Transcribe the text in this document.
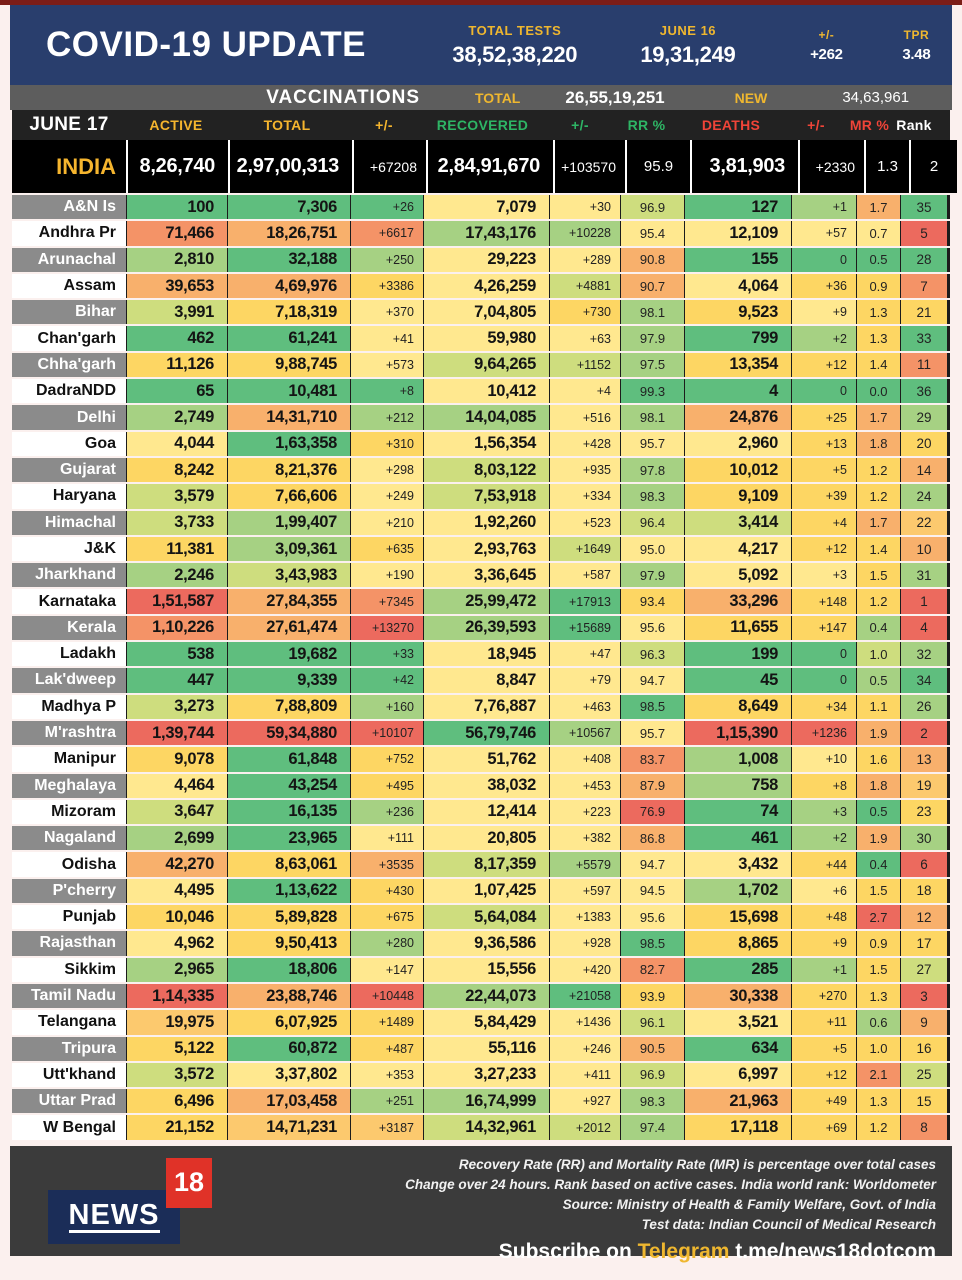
COVID-19 UPDATE	TOTAL TESTS
38,52,38,220
JUNE 16
19,31,249
+/-
+262
TPR
3.48
VACCINATIONS	TOTAL	26,55,19,251	NEW	34,63,961
JUNE 17	ACTIVE	TOTAL	+/-	RECOVERED	+/-	RR %	DEATHS	+/-	MR % Rank
INDIA	8,26,740	2,97,00,313	+67208	2,84,91,670	+103570	95.9	3,81,903	+2330	1.3	2
A&N Is	100	7,306	+26	7,079	+30	96.9	127	+1	1.7	35
Andhra Pr	71,466	18,26,751	+6617	17,43,176	+10228	95.4	12,109	+57	0.7	5
Arunachal	2,810	32,188	+250	29,223	+289	90.8	155	0	0.5	28
Assam	39,653	4,69,976	+3386	4,26,259	+4881	90.7	4,064	+36	0.9	7
Bihar	3,991	7,18,319	+370	7,04,805	+730	98.1	9,523	+9	1.3	21
Chan'garh	462	61,241	+41	59,980	+63	97.9	799	+2	1.3	33
Chha'garh	11,126	9,88,745	+573	9,64,265	+1152	97.5	13,354	+12	1.4	11
DadraNDD	65	10,481	+8	10,412	+4	99.3	4	0	0.0	36
Delhi	2,749	14,31,710	+212	14,04,085	+516	98.1	24,876	+25	1.7	29
Goa	4,044	1,63,358	+310	1,56,354	+428	95.7	2,960	+13	1.8	20
Gujarat	8,242	8,21,376	+298	8,03,122	+935	97.8	10,012	+5	1.2	14
Haryana	3,579	7,66,606	+249	7,53,918	+334	98.3	9,109	+39	1.2	24
Himachal	3,733	1,99,407	+210	1,92,260	+523	96.4	3,414	+4	1.7	22
J&K	11,381	3,09,361	+635	2,93,763	+1649	95.0	4,217	+12	1.4	10
Jharkhand	2,246	3,43,983	+190	3,36,645	+587	97.9	5,092	+3	1.5	31
Karnataka	1,51,587	27,84,355	+7345	25,99,472	+17913	93.4	33,296	+148	1.2	1
Kerala	1,10,226	27,61,474	+13270	26,39,593	+15689	95.6	11,655	+147	0.4	4
Ladakh	538	19,682	+33	18,945	+47	96.3	199	0	1.0	32
Lak'dweep	447	9,339	+42	8,847	+79	94.7	45	0	0.5	34
Madhya P	3,273	7,88,809	+160	7,76,887	+463	98.5	8,649	+34	1.1	26
M'rashtra	1,39,744	59,34,880	+10107	56,79,746	+10567	95.7	1,15,390	+1236	1.9	2
Manipur	9,078	61,848	+752	51,762	+408	83.7	1,008	+10	1.6	13
Meghalaya	4,464	43,254	+495	38,032	+453	87.9	758	+8	1.8	19
Mizoram	3,647	16,135	+236	12,414	+223	76.9	74	+3	0.5	23
Nagaland	2,699	23,965	+111	20,805	+382	86.8	461	+2	1.9	30
Odisha	42,270	8,63,061	+3535	8,17,359	+5579	94.7	3,432	+44	0.4	6
P'cherry	4,495	1,13,622	+430	1,07,425	+597	94.5	1,702	+6	1.5	18
Punjab	10,046	5,89,828	+675	5,64,084	+1383	95.6	15,698	+48	2.7	12
Rajasthan	4,962	9,50,413	+280	9,36,586	+928	98.5	8,865	+9	0.9	17
Sikkim	2,965	18,806	+147	15,556	+420	82.7	285	+1	1.5	27
Tamil Nadu	1,14,335	23,88,746	+10448	22,44,073	+21058	93.9	30,338	+270	1.3	3
Telangana	19,975	6,07,925	+1489	5,84,429	+1436	96.1	3,521	+11	0.6	9
Tripura	5,122	60,872	+487	55,116	+246	90.5	634	+5	1.0	16
Utt'khand	3,572	3,37,802	+353	3,27,233	+411	96.9	6,997	+12	2.1	25
Uttar Prad	6,496	17,03,458	+251	16,74,999	+927	98.3	21,963	+49	1.3	15
W Bengal	21,152	14,71,231	+3187	14,32,961	+2012	97.4	17,118	+69	1.2	8
Recovery Rate (RR) and Mortality Rate (MR) is percentage over total cases
Change over 24 hours. Rank based on active cases. India world rank: Worldometer
Source: Ministry of Health & Family Welfare, Govt. of India
Test data: Indian Council of Medical Research
Subscribe on Telegram t.me/news18dotcom
NEWS
18
